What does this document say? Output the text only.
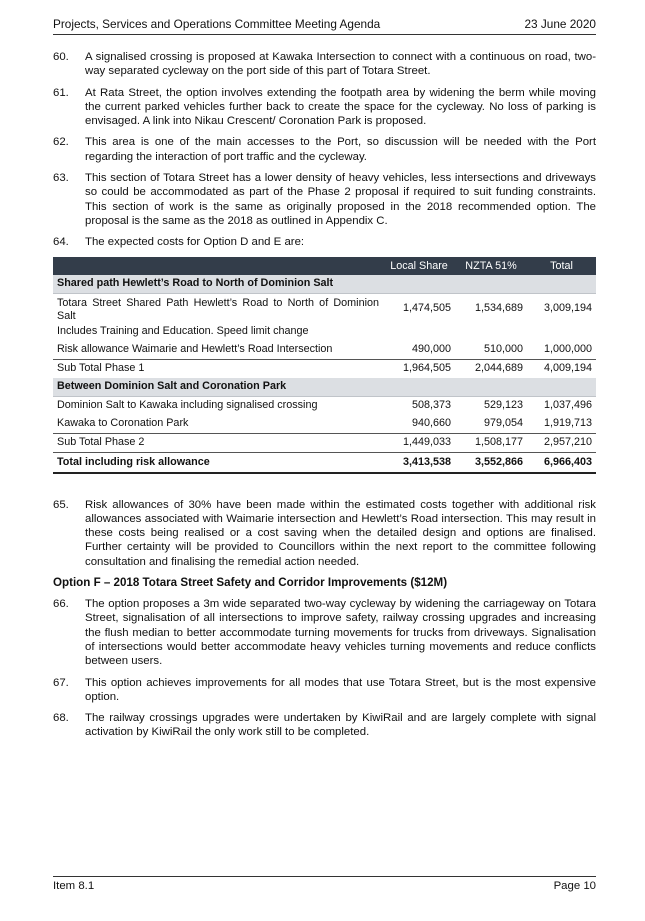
Projects, Services and Operations Committee Meeting Agenda	23 June 2020
60.	A signalised crossing is proposed at Kawaka Intersection to connect with a continuous on road, two-way separated cycleway on the port side of this part of Totara Street.
61.	At Rata Street, the option involves extending the footpath area by widening the berm while moving the current parked vehicles further back to create the space for the cycleway. No loss of parking is envisaged. A link into Nikau Crescent/ Coronation Park is proposed.
62.	This area is one of the main accesses to the Port, so discussion will be needed with the Port regarding the interaction of port traffic and the cycleway.
63.	This section of Totara Street has a lower density of heavy vehicles, less intersections and driveways so could be accommodated as part of the Phase 2 proposal if required to suit funding constraints. This section of work is the same as originally proposed in the 2018 recommended option. The proposal is the same as the 2018 as outlined in Appendix C.
64.	The expected costs for Option D and E are:
	Local Share	NZTA 51%	Total
Shared path Hewlett’s Road to North of Dominion Salt			
Totara Street Shared Path Hewlett’s Road to North of Dominion Salt	1,474,505	1,534,689	3,009,194
Includes Training and Education. Speed limit change			
Risk allowance Waimarie and Hewlett’s Road Intersection	490,000	510,000	1,000,000
Sub Total Phase 1	1,964,505	2,044,689	4,009,194
Between Dominion Salt and Coronation Park			
Dominion Salt to Kawaka including signalised crossing	508,373	529,123	1,037,496
Kawaka to Coronation Park	940,660	979,054	1,919,713
Sub Total Phase 2	1,449,033	1,508,177	2,957,210
Total including risk allowance	3,413,538	3,552,866	6,966,403
65.	Risk allowances of 30% have been made within the estimated costs together with additional risk allowances associated with Waimarie intersection and Hewlett’s Road intersection. This may result in these costs being realised or a cost saving when the detailed design and options are finalised. Further certainty will be provided to Councillors within the next report to the committee following consultation and finalising the remedial action needed.
Option F – 2018 Totara Street Safety and Corridor Improvements ($12M)
66.	The option proposes a 3m wide separated two-way cycleway by widening the carriageway on Totara Street, signalisation of all intersections to improve safety, railway crossing upgrades and increasing the flush median to better accommodate turning movements for trucks from driveways. Signalisation of intersections would better accommodate heavy vehicles turning movements and reduce conflicts between users.
67.	This option achieves improvements for all modes that use Totara Street, but is the most expensive option.
68.	The railway crossings upgrades were undertaken by KiwiRail and are largely complete with signal activation by KiwiRail the only work still to be completed.
Item 8.1	Page 10
